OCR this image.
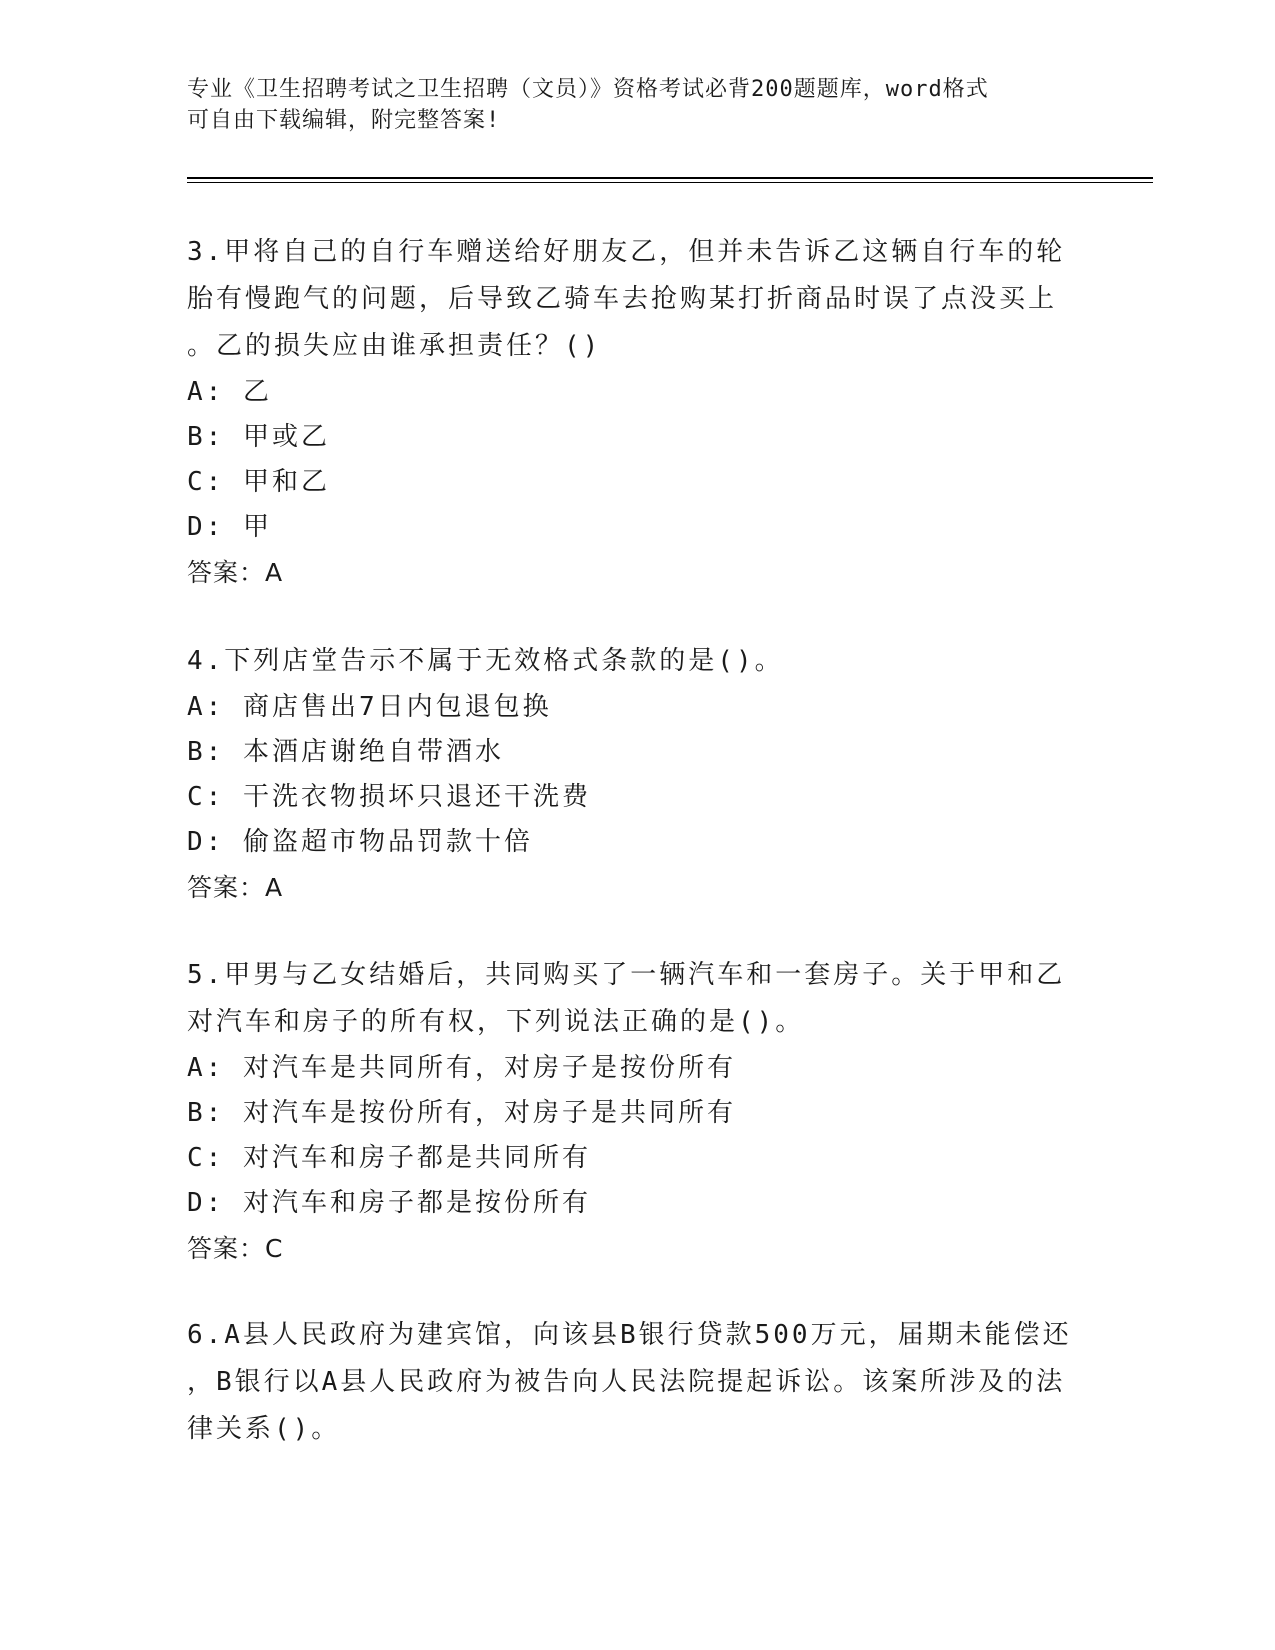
专业《卫生招聘考试之卫生招聘（文员）》资格考试必背200题题库，word格式
可自由下载编辑，附完整答案!
3.甲将自己的自行车赠送给好朋友乙，但并未告诉乙这辆自行车的轮
胎有慢跑气的问题，后导致乙骑车去抢购某打折商品时误了点没买上
。乙的损失应由谁承担责任？()
A: 乙
B: 甲或乙
C: 甲和乙
D: 甲
答案：A
4.下列店堂告示不属于无效格式条款的是()。
A: 商店售出7日内包退包换
B: 本酒店谢绝自带酒水
C: 干洗衣物损坏只退还干洗费
D: 偷盗超市物品罚款十倍
答案：A
5.甲男与乙女结婚后，共同购买了一辆汽车和一套房子。关于甲和乙
对汽车和房子的所有权，下列说法正确的是()。
A: 对汽车是共同所有，对房子是按份所有
B: 对汽车是按份所有，对房子是共同所有
C: 对汽车和房子都是共同所有
D: 对汽车和房子都是按份所有
答案：C
6.A县人民政府为建宾馆，向该县B银行贷款500万元，届期未能偿还
，B银行以A县人民政府为被告向人民法院提起诉讼。该案所涉及的法
律关系()。
